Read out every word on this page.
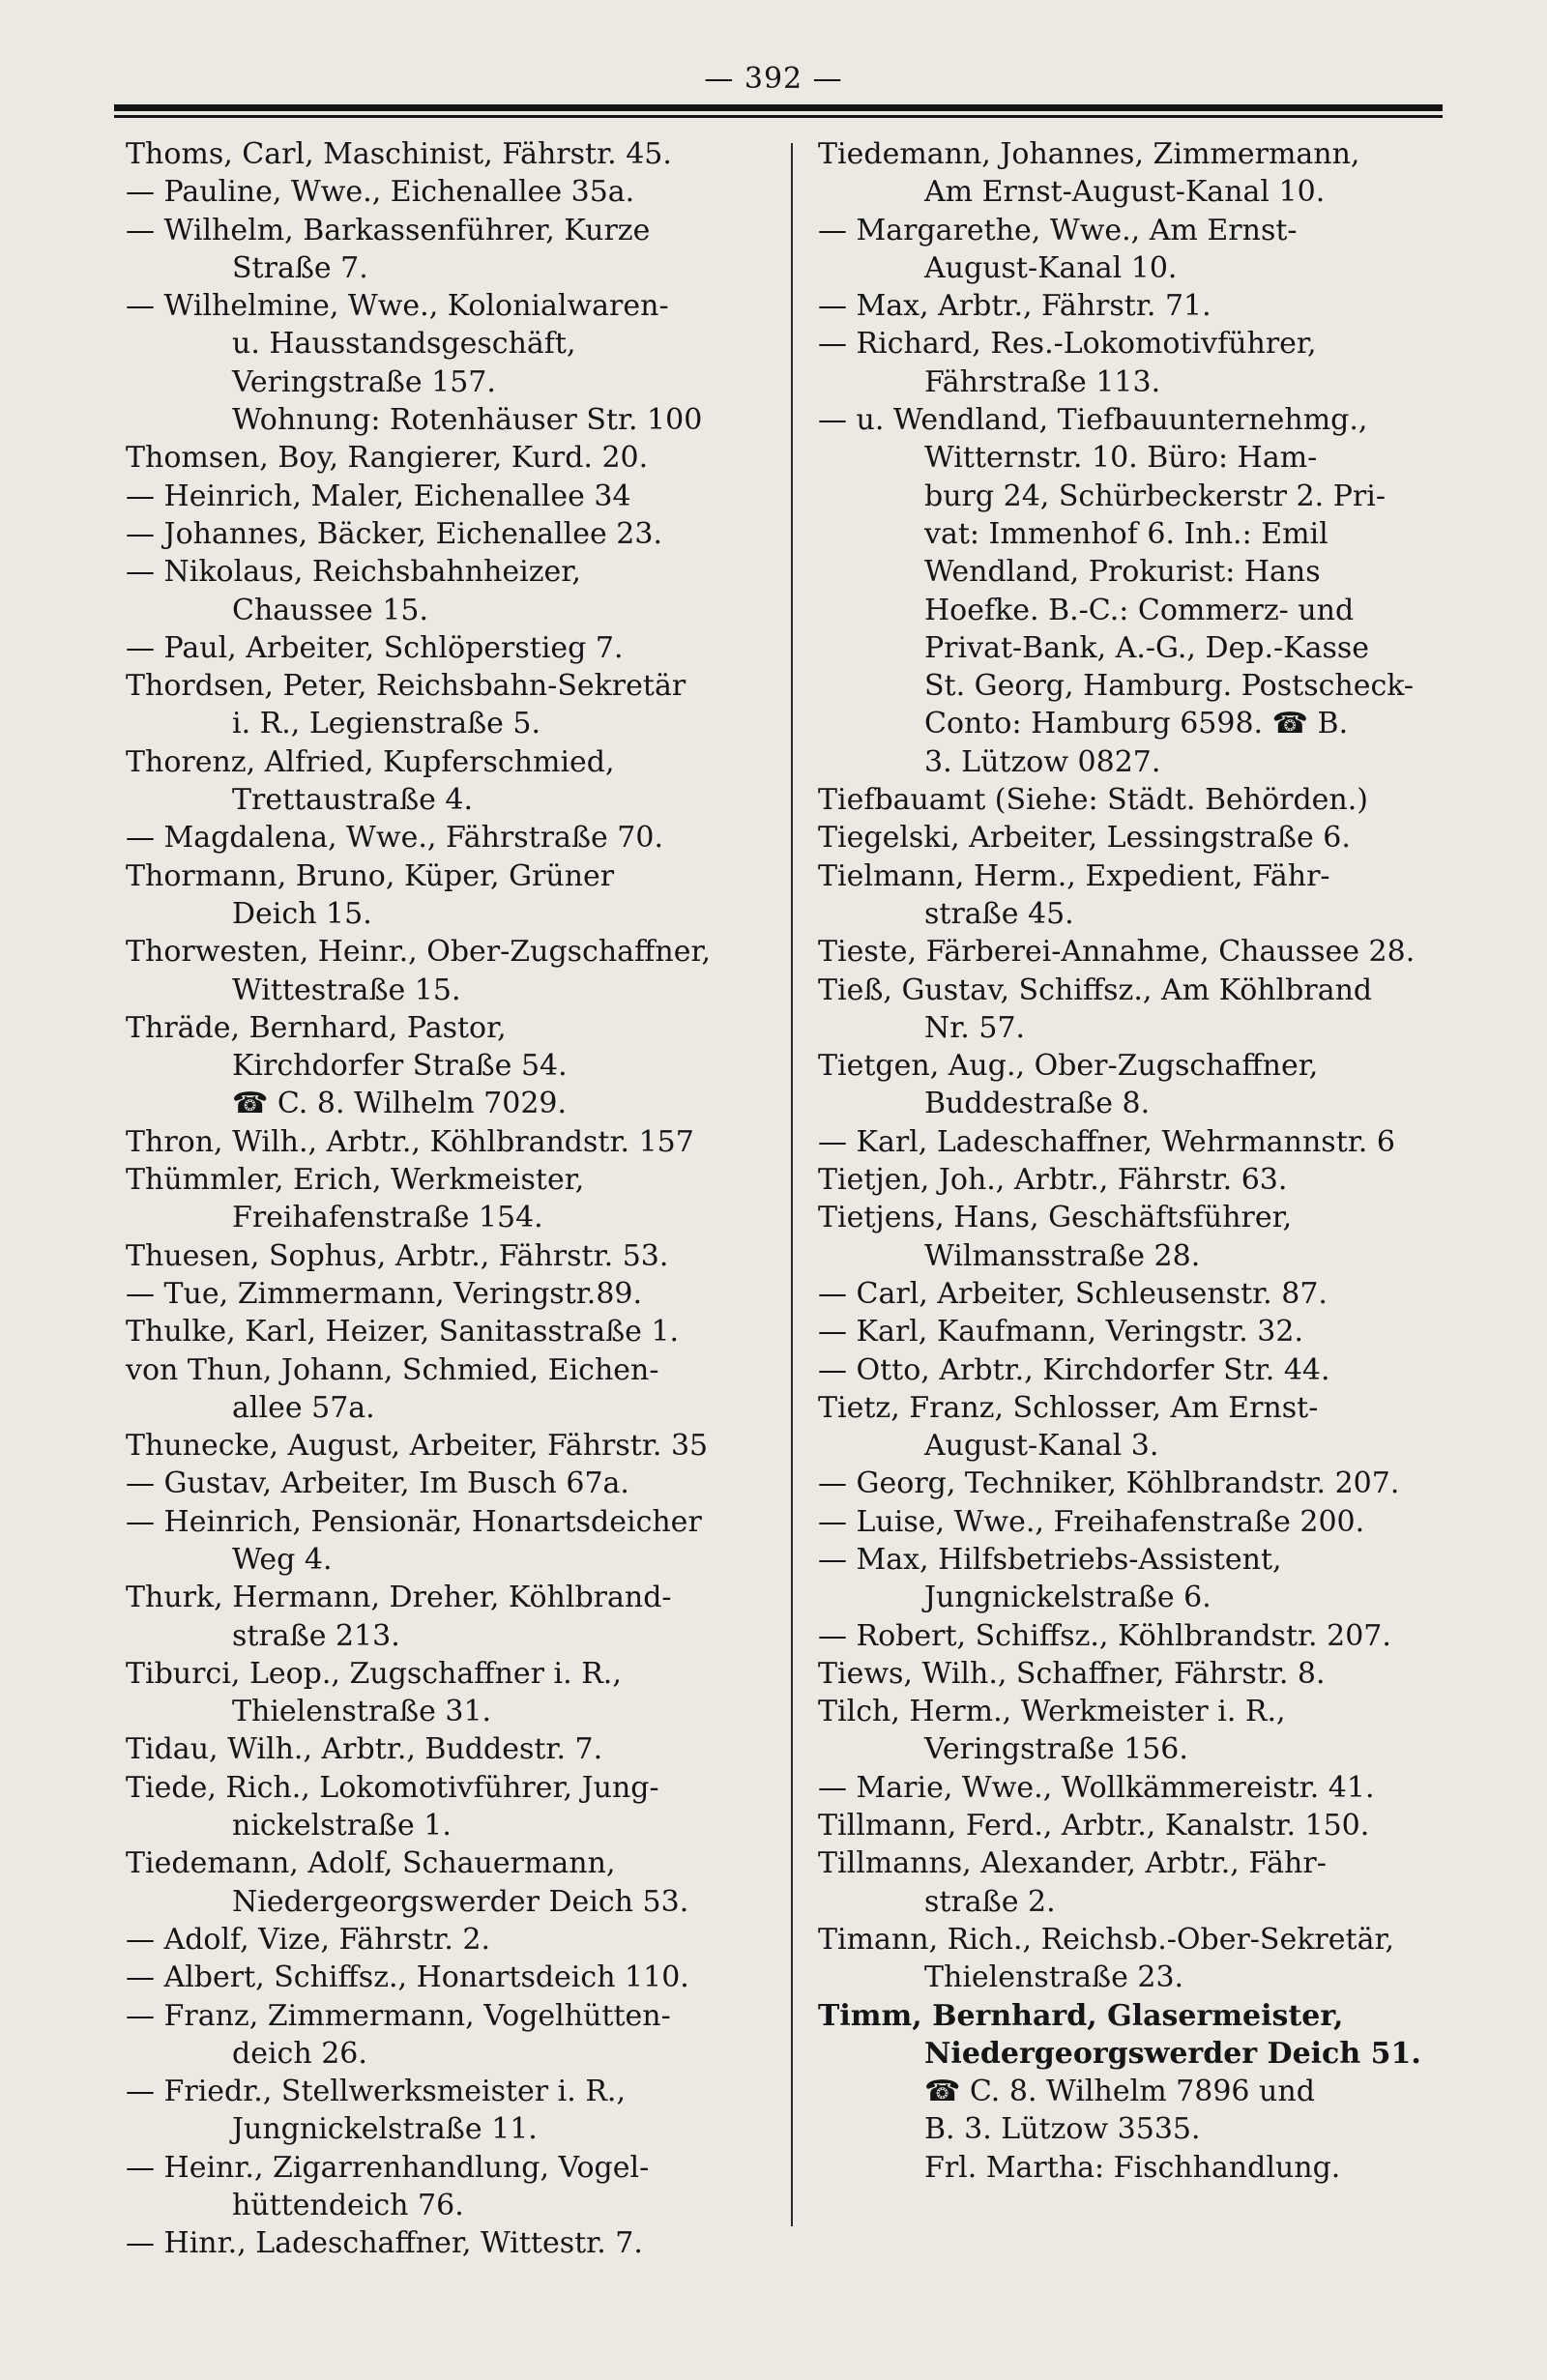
— 392 —
Thoms, Carl, Maschinist, Fährstr. 45.
— Pauline, Wwe., Eichenallee 35a.
— Wilhelm, Barkassenführer, Kurze
Straße 7.
— Wilhelmine, Wwe., Kolonialwaren-
u. Hausstandsgeschäft,
Veringstraße 157.
Wohnung: Rotenhäuser Str. 100
Thomsen, Boy, Rangierer, Kurd. 20.
— Heinrich, Maler, Eichenallee 34
— Johannes, Bäcker, Eichenallee 23.
— Nikolaus, Reichsbahnheizer,
Chaussee 15.
— Paul, Arbeiter, Schlöperstieg 7.
Thordsen, Peter, Reichsbahn-Sekretär
i. R., Legienstraße 5.
Thorenz, Alfried, Kupferschmied,
Trettaustraße 4.
— Magdalena, Wwe., Fährstraße 70.
Thormann, Bruno, Küper, Grüner
Deich 15.
Thorwesten, Heinr., Ober-Zugschaffner,
Wittestraße 15.
Thräde, Bernhard, Pastor,
Kirchdorfer Straße 54.
☎ C. 8. Wilhelm 7029.
Thron, Wilh., Arbtr., Köhlbrandstr. 157
Thümmler, Erich, Werkmeister,
Freihafenstraße 154.
Thuesen, Sophus, Arbtr., Fährstr. 53.
— Tue, Zimmermann, Veringstr.89.
Thulke, Karl, Heizer, Sanitasstraße 1.
von Thun, Johann, Schmied, Eichen-
allee 57a.
Thunecke, August, Arbeiter, Fährstr. 35
— Gustav, Arbeiter, Im Busch 67a.
— Heinrich, Pensionär, Honartsdeicher
Weg 4.
Thurk, Hermann, Dreher, Köhlbrand-
straße 213.
Tiburci, Leop., Zugschaffner i. R.,
Thielenstraße 31.
Tidau, Wilh., Arbtr., Buddestr. 7.
Tiede, Rich., Lokomotivführer, Jung-
nickelstraße 1.
Tiedemann, Adolf, Schauermann,
Niedergeorgswerder Deich 53.
— Adolf, Vize, Fährstr. 2.
— Albert, Schiffsz., Honartsdeich 110.
— Franz, Zimmermann, Vogelhütten-
deich 26.
— Friedr., Stellwerksmeister i. R.,
Jungnickelstraße 11.
— Heinr., Zigarrenhandlung, Vogel-
hüttendeich 76.
— Hinr., Ladeschaffner, Wittestr. 7.
Tiedemann, Johannes, Zimmermann,
Am Ernst-August-Kanal 10.
— Margarethe, Wwe., Am Ernst-
August-Kanal 10.
— Max, Arbtr., Fährstr. 71.
— Richard, Res.-Lokomotivführer,
Fährstraße 113.
— u. Wendland, Tiefbauunternehmg.,
Witternstr. 10. Büro: Ham-
burg 24, Schürbeckerstr 2. Pri-
vat: Immenhof 6. Inh.: Emil
Wendland, Prokurist: Hans
Hoefke. B.-C.: Commerz- und
Privat-Bank, A.-G., Dep.-Kasse
St. Georg, Hamburg. Postscheck-
Conto: Hamburg 6598. ☎ B.
3. Lützow 0827.
Tiefbauamt (Siehe: Städt. Behörden.)
Tiegelski, Arbeiter, Lessingstraße 6.
Tielmann, Herm., Expedient, Fähr-
straße 45.
Tieste, Färberei-Annahme, Chaussee 28.
Tieß, Gustav, Schiffsz., Am Köhlbrand
Nr. 57.
Tietgen, Aug., Ober-Zugschaffner,
Buddestraße 8.
— Karl, Ladeschaffner, Wehrmannstr. 6
Tietjen, Joh., Arbtr., Fährstr. 63.
Tietjens, Hans, Geschäftsführer,
Wilmansstraße 28.
— Carl, Arbeiter, Schleusenstr. 87.
— Karl, Kaufmann, Veringstr. 32.
— Otto, Arbtr., Kirchdorfer Str. 44.
Tietz, Franz, Schlosser, Am Ernst-
August-Kanal 3.
— Georg, Techniker, Köhlbrandstr. 207.
— Luise, Wwe., Freihafenstraße 200.
— Max, Hilfsbetriebs-Assistent,
Jungnickelstraße 6.
— Robert, Schiffsz., Köhlbrandstr. 207.
Tiews, Wilh., Schaffner, Fährstr. 8.
Tilch, Herm., Werkmeister i. R.,
Veringstraße 156.
— Marie, Wwe., Wollkämmereistr. 41.
Tillmann, Ferd., Arbtr., Kanalstr. 150.
Tillmanns, Alexander, Arbtr., Fähr-
straße 2.
Timann, Rich., Reichsb.-Ober-Sekretär,
Thielenstraße 23.
Timm, Bernhard, Glasermeister,
Niedergeorgswerder Deich 51.
☎ C. 8. Wilhelm 7896 und
B. 3. Lützow 3535.
Frl. Martha: Fischhandlung.
